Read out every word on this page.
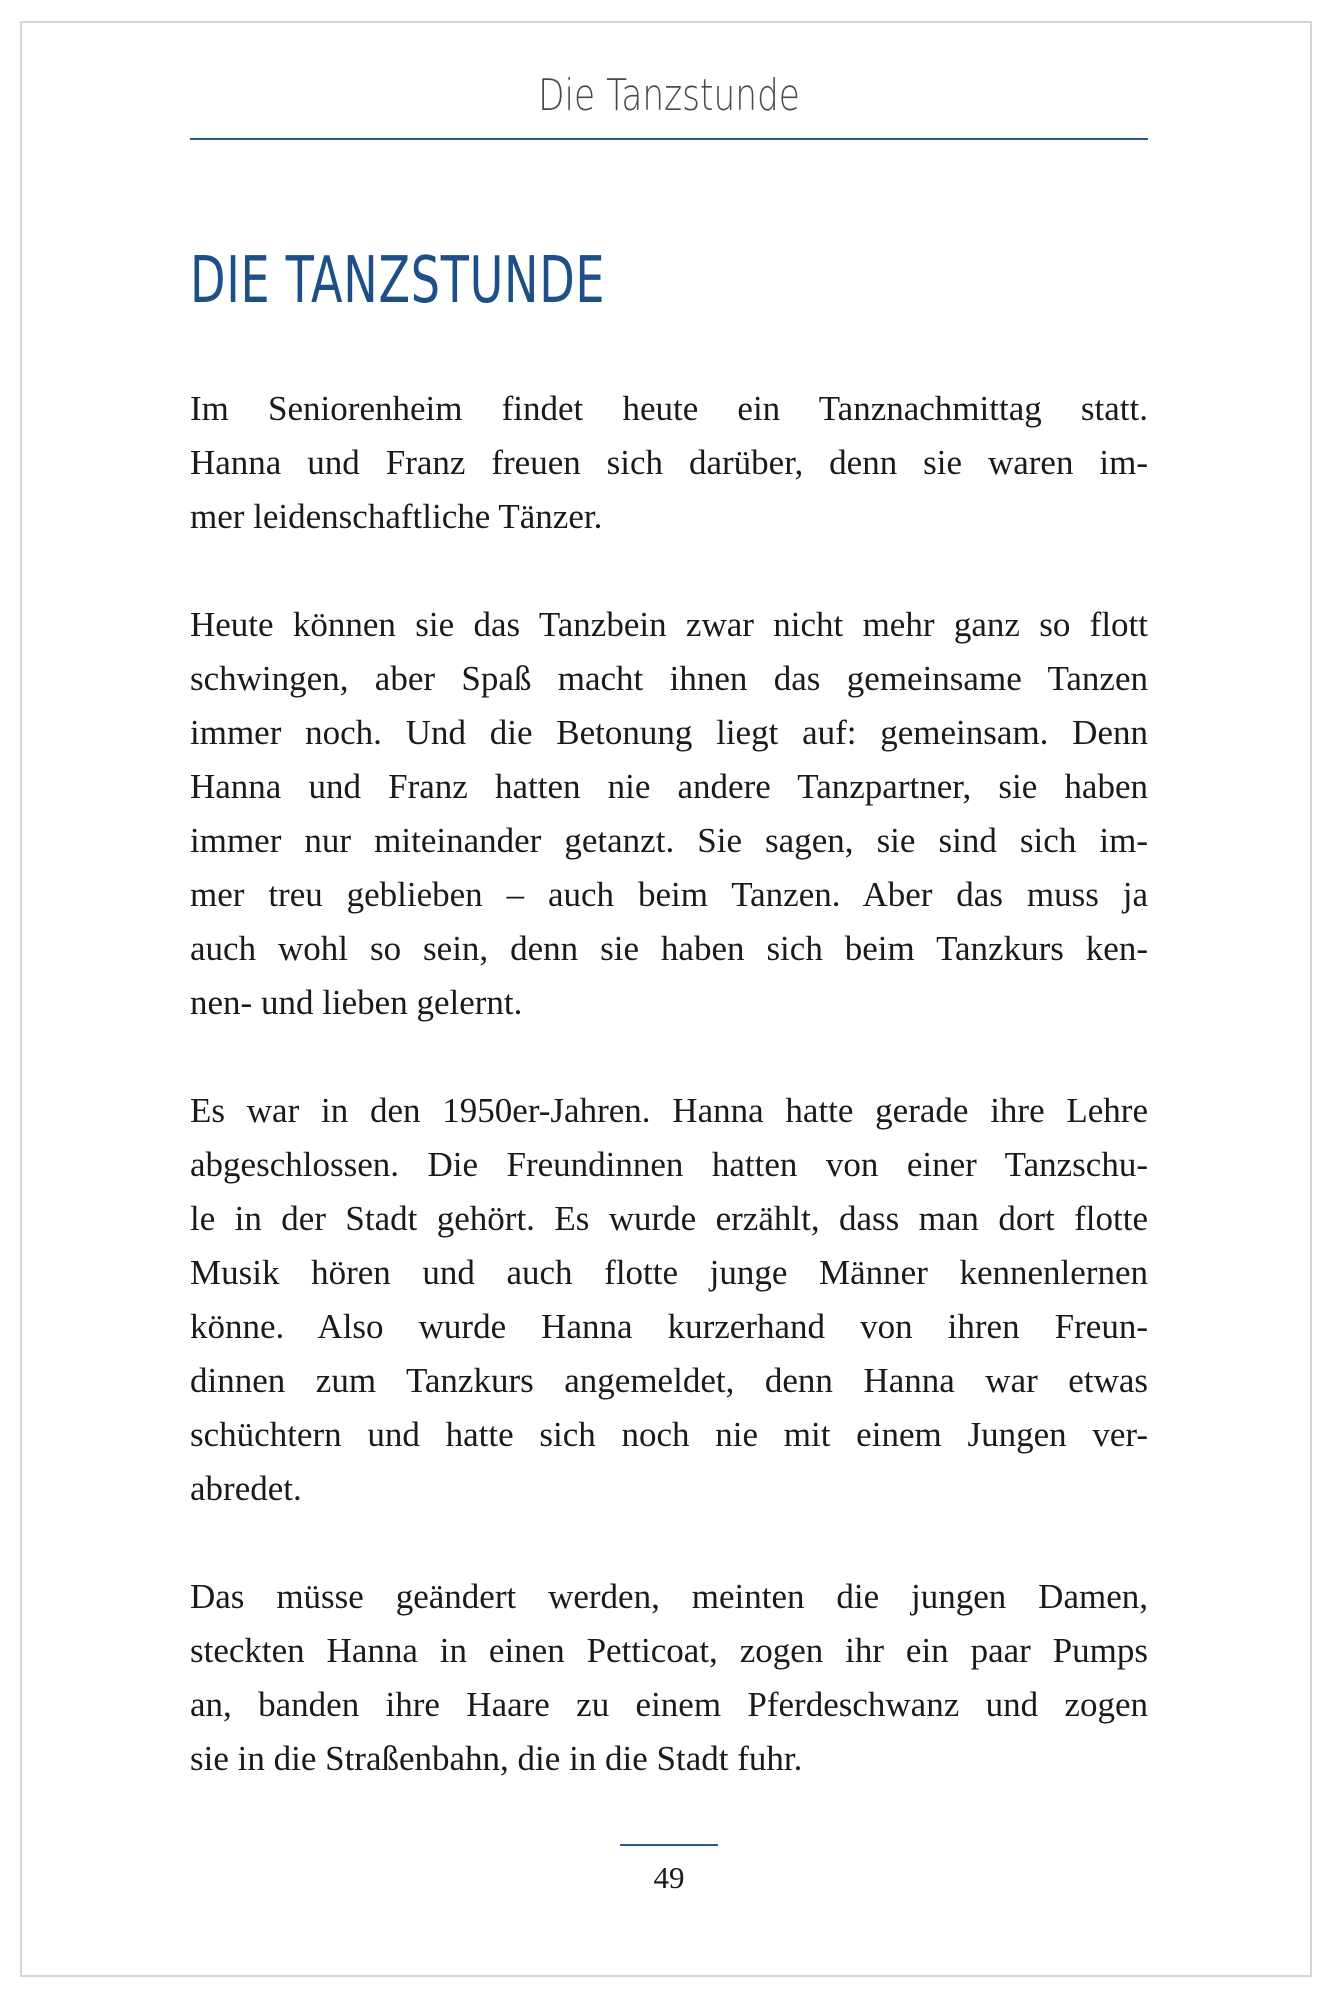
Die Tanzstunde
DIE TANZSTUNDE

Im Seniorenheim findet heute ein Tanznachmittag statt.
Hanna und Franz freuen sich darüber, denn sie waren im-
mer leidenschaftliche Tänzer.

Heute können sie das Tanzbein zwar nicht mehr ganz so flott
schwingen, aber Spaß macht ihnen das gemeinsame Tanzen
immer noch. Und die Betonung liegt auf: gemeinsam. Denn
Hanna und Franz hatten nie andere Tanzpartner, sie haben
immer nur miteinander getanzt. Sie sagen, sie sind sich im-
mer treu geblieben – auch beim Tanzen. Aber das muss ja
auch wohl so sein, denn sie haben sich beim Tanzkurs ken-
nen- und lieben gelernt.

Es war in den 1950er-Jahren. Hanna hatte gerade ihre Lehre
abgeschlossen. Die Freundinnen hatten von einer Tanzschu-
le in der Stadt gehört. Es wurde erzählt, dass man dort flotte
Musik hören und auch flotte junge Männer kennenlernen
könne. Also wurde Hanna kurzerhand von ihren Freun-
dinnen zum Tanzkurs angemeldet, denn Hanna war etwas
schüchtern und hatte sich noch nie mit einem Jungen ver-
abredet.

Das müsse geändert werden, meinten die jungen Damen,
steckten Hanna in einen Petticoat, zogen ihr ein paar Pumps
an, banden ihre Haare zu einem Pferdeschwanz und zogen
sie in die Straßenbahn, die in die Stadt fuhr.

49
